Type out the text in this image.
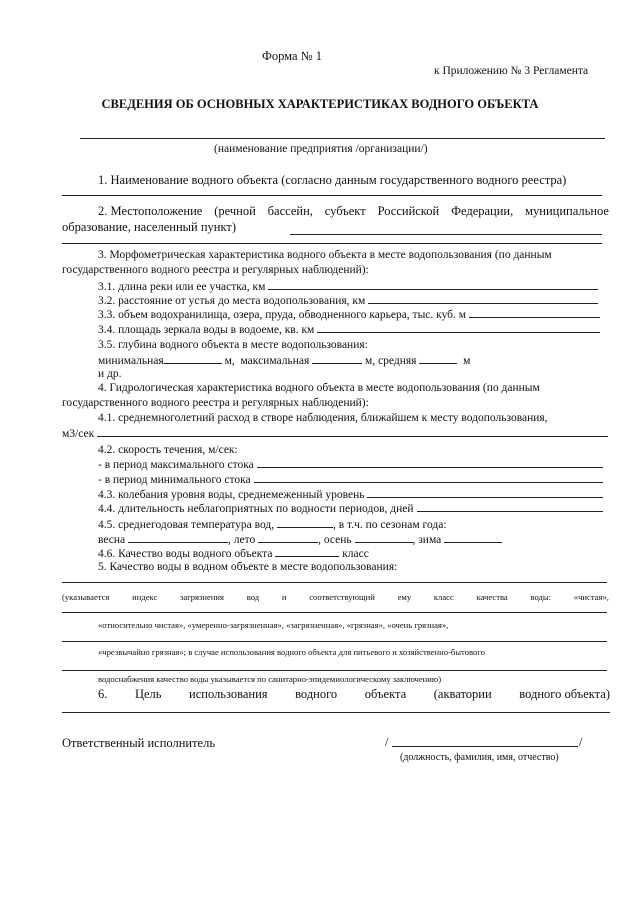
Форма № 1
к Приложению № 3 Регламента
СВЕДЕНИЯ ОБ ОСНОВНЫХ ХАРАКТЕРИСТИКАХ ВОДНОГО ОБЪЕКТА
(наименование предприятия /организации/)
1. Наименование водного объекта (согласно данным государственного водного реестра)
2. Местоположение (речной бассейн, субъект Российской Федерации, муниципальное
образование, населенный пункт)
3. Морфометрическая характеристика водного объекта в месте водопользования (по данным
государственного водного реестра и регулярных наблюдений):
3.1. длина реки или ее участка, км
3.2. расстояние от устья до места водопользования, км
3.3. объем водохранилища, озера, пруда, обводненного карьера, тыс. куб. м
3.4. площадь зеркала воды в водоеме, кв. км
3.5. глубина водного объекта в месте водопользования:
минимальная	м,  максимальная	м, средняя	м
и др.
4. Гидрологическая характеристика водного объекта в месте водопользования (по данным
государственного водного реестра и регулярных наблюдений):
4.1. среднемноголетний расход в створе наблюдения, ближайшем к месту водопользования,
м3/сек
4.2. скорость течения, м/сек:
- в период максимального стока
- в период минимального стока
4.3. колебания уровня воды, среднемеженный уровень
4.4. длительность неблагоприятных по водности периодов, дней
4.5. среднегодовая температура вод,	, в т.ч. по сезонам года:
весна	, лето	, осень	, зима
4.6. Качество воды водного объекта	класс
5. Качество воды в водном объекте в месте водопользования:
(указывается	индекс	загрязнения	вод	и	соответствующий	ему	класс	качества	воды:	«чистая»,
«относительно чистая», «умеренно-загрязненная», «загрязненная», «грязная», «очень грязная»,
«чрезвычайно грязная»; в случае использования водного объекта для питьевого и хозяйственно-бытового
водоснабжения качество воды указывается по санитарно-эпидемиологическому заключению)
6. Цель использования водного объекта (акватории водного объекта)
Ответственный исполнитель	/	/
(должность, фамилия, имя, отчество)
